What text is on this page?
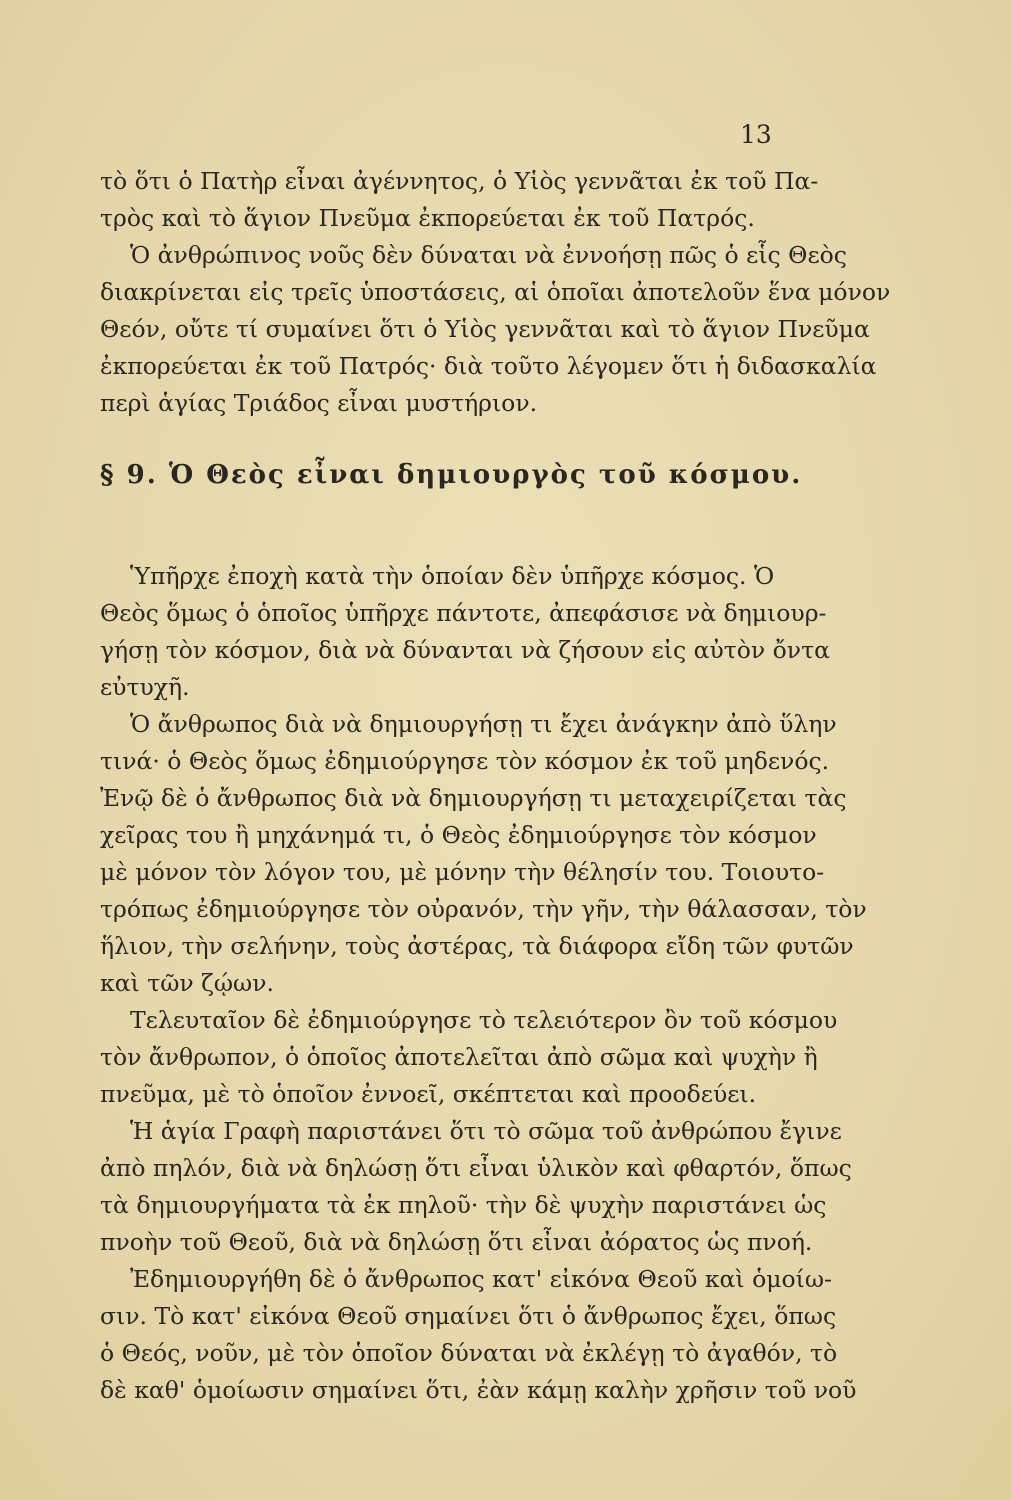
13
τὸ ὅτι ὁ Πατὴρ εἶναι ἀγέννητος, ὁ Υἱὸς γεννᾶται ἐκ τοῦ Πα-
τρὸς καὶ τὸ ἅγιον Πνεῦμα ἐκπορεύεται ἐκ τοῦ Πατρός.
Ὁ ἀνθρώπινος νοῦς δὲν δύναται νὰ ἐννοήσῃ πῶς ὁ εἷς Θεὸς
διακρίνεται εἰς τρεῖς ὑποστάσεις, αἱ ὁποῖαι ἀποτελοῦν ἕνα μόνον
Θεόν, οὔτε τί συμαίνει ὅτι ὁ Υἱὸς γεννᾶται καὶ τὸ ἅγιον Πνεῦμα
ἐκπορεύεται ἐκ τοῦ Πατρός· διὰ τοῦτο λέγομεν ὅτι ἡ διδασκαλία
περὶ ἁγίας Τριάδος εἶναι μυστήριον.
§ 9. Ὁ Θεὸς εἶναι δημιουργὸς τοῦ κόσμου.
Ὑπῆρχε ἐποχὴ κατὰ τὴν ὁποίαν δὲν ὑπῆρχε κόσμος. Ὁ
Θεὸς ὅμως ὁ ὁποῖος ὑπῆρχε πάντοτε, ἀπεφάσισε νὰ δημιουρ-
γήσῃ τὸν κόσμον, διὰ νὰ δύνανται νὰ ζήσουν εἰς αὐτὸν ὄντα
εὐτυχῆ.
Ὁ ἄνθρωπος διὰ νὰ δημιουργήσῃ τι ἔχει ἀνάγκην ἀπὸ ὕλην
τινά· ὁ Θεὸς ὅμως ἐδημιούργησε τὸν κόσμον ἐκ τοῦ μηδενός.
Ἐνῷ δὲ ὁ ἄνθρωπος διὰ νὰ δημιουργήσῃ τι μεταχειρίζεται τὰς
χεῖρας του ἢ μηχάνημά τι, ὁ Θεὸς ἐδημιούργησε τὸν κόσμον
μὲ μόνον τὸν λόγον του, μὲ μόνην τὴν θέλησίν του. Τοιουτο-
τρόπως ἐδημιούργησε τὸν οὐρανόν, τὴν γῆν, τὴν θάλασσαν, τὸν
ἥλιον, τὴν σελήνην, τοὺς ἀστέρας, τὰ διάφορα εἴδη τῶν φυτῶν
καὶ τῶν ζῴων.
Τελευταῖον δὲ ἐδημιούργησε τὸ τελειότερον ὂν τοῦ κόσμου
τὸν ἄνθρωπον, ὁ ὁποῖος ἀποτελεῖται ἀπὸ σῶμα καὶ ψυχὴν ἢ
πνεῦμα, μὲ τὸ ὁποῖον ἐννοεῖ, σκέπτεται καὶ προοδεύει.
Ἡ ἁγία Γραφὴ παριστάνει ὅτι τὸ σῶμα τοῦ ἀνθρώπου ἔγινε
ἀπὸ πηλόν, διὰ νὰ δηλώσῃ ὅτι εἶναι ὑλικὸν καὶ φθαρτόν, ὅπως
τὰ δημιουργήματα τὰ ἐκ πηλοῦ· τὴν δὲ ψυχὴν παριστάνει ὡς
πνοὴν τοῦ Θεοῦ, διὰ νὰ δηλώσῃ ὅτι εἶναι ἀόρατος ὡς πνοή.
Ἐδημιουργήθη δὲ ὁ ἄνθρωπος κατ' εἰκόνα Θεοῦ καὶ ὁμοίω-
σιν. Τὸ κατ' εἰκόνα Θεοῦ σημαίνει ὅτι ὁ ἄνθρωπος ἔχει, ὅπως
ὁ Θεός, νοῦν, μὲ τὸν ὁποῖον δύναται νὰ ἐκλέγῃ τὸ ἀγαθόν, τὸ
δὲ καθ' ὁμοίωσιν σημαίνει ὅτι, ἐὰν κάμῃ καλὴν χρῆσιν τοῦ νοῦ
